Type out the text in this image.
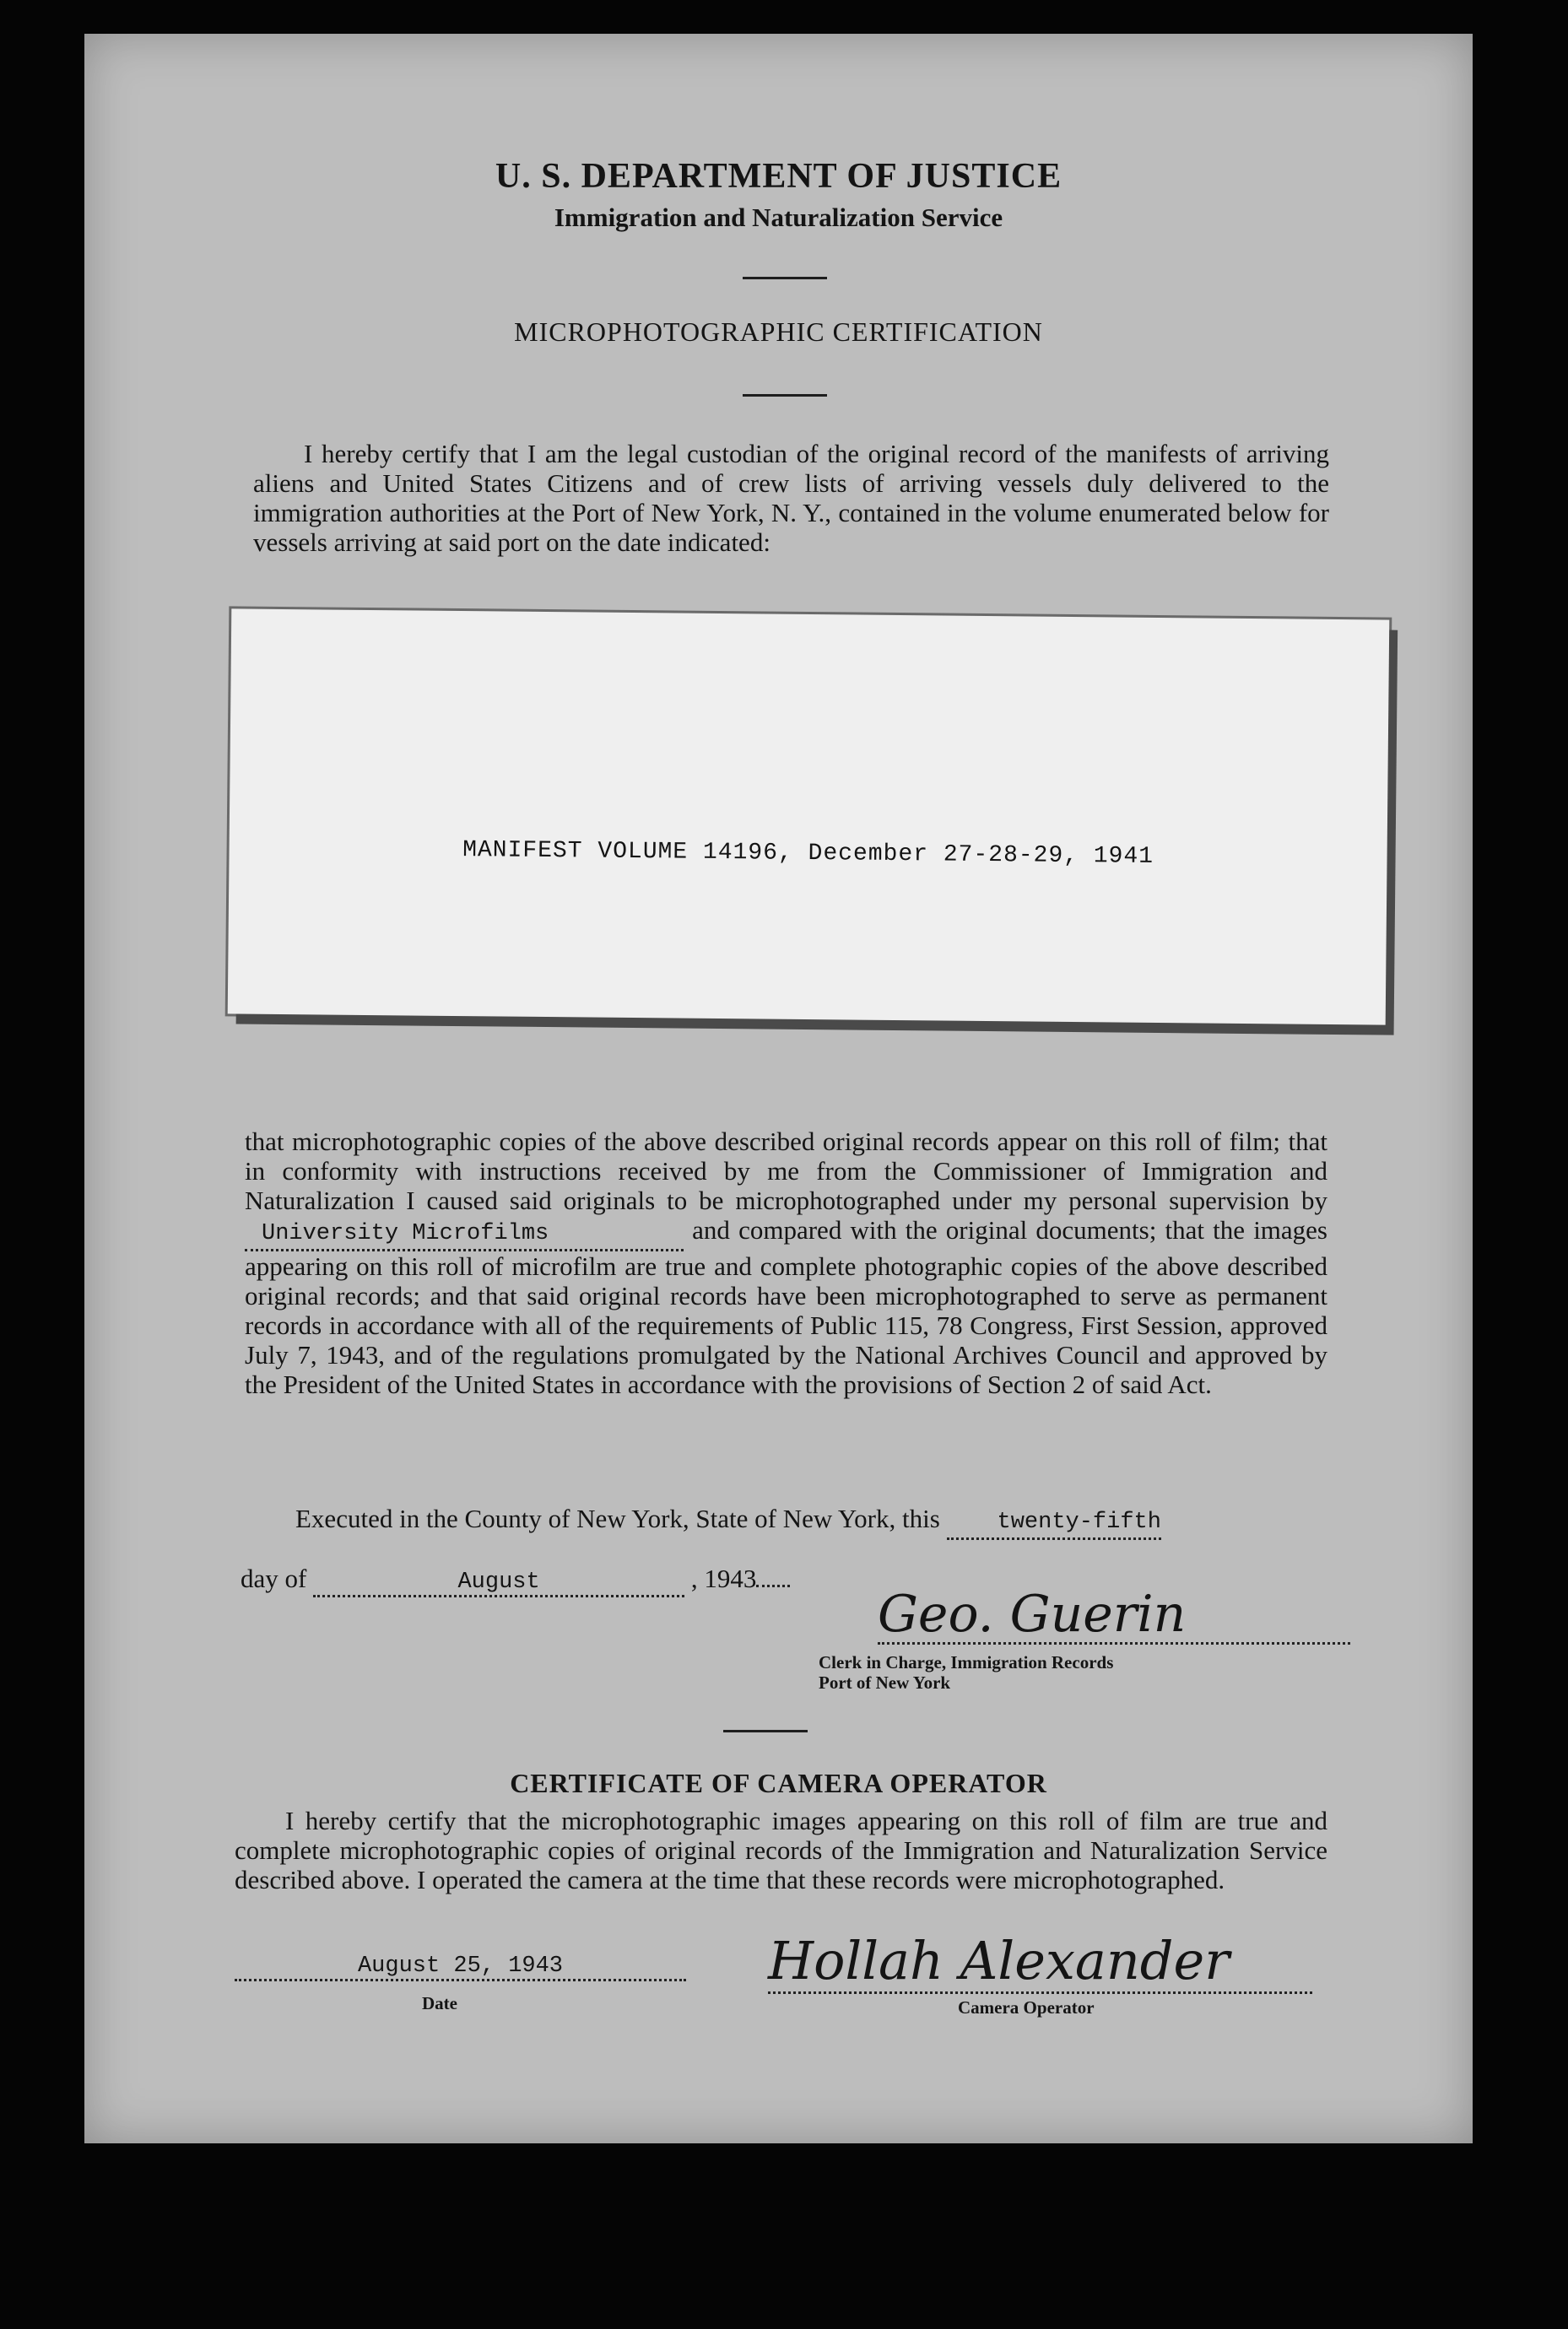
U. S. DEPARTMENT OF JUSTICE
Immigration and Naturalization Service
MICROPHOTOGRAPHIC CERTIFICATION
I hereby certify that I am the legal custodian of the original record of the manifests of arriving aliens and United States Citizens and of crew lists of arriving vessels duly delivered to the immigration authorities at the Port of New York, N. Y., contained in the volume enumerated below for vessels arriving at said port on the date indicated:
MANIFEST VOLUME 14196, December 27-28-29, 1941
that microphotographic copies of the above described original records appear on this roll of film; that in conformity with instructions received by me from the Commissioner of Immigration and Naturalization I caused said originals to be microphotographed under my personal supervision by University Microfilms	and compared with the original documents; that the images appearing on this roll of microfilm are true and complete photographic copies of the above described original records; and that said original records have been microphotographed to serve as permanent records in accordance with all of the requirements of Public 115, 78 Congress, First Session, approved July 7, 1943, and of the regulations promulgated by the National Archives Council and approved by the President of the United States in accordance with the provisions of Section 2 of said Act.
Executed in the County of New York, State of New York, this	twenty-fifth
day of	August	, 1943
Geo. Guerin
Clerk in Charge, Immigration Records
Port of New York
CERTIFICATE OF CAMERA OPERATOR
I hereby certify that the microphotographic images appearing on this roll of film are true and complete microphotographic copies of original records of the Immigration and Naturalization Service described above. I operated the camera at the time that these records were microphotographed.
August 25, 1943
Date
Hollah Alexander
Camera Operator
